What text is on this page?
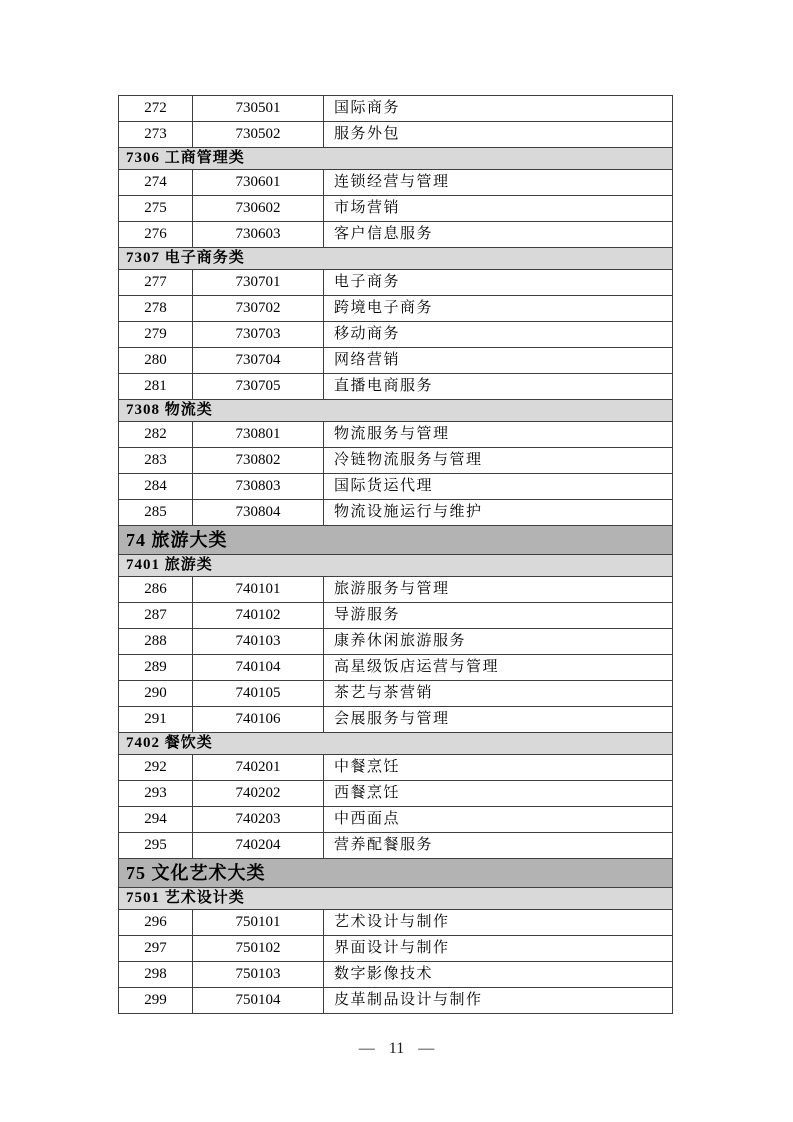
272	730501	国际商务
273	730502	服务外包
7306 工商管理类		
274	730601	连锁经营与管理
275	730602	市场营销
276	730603	客户信息服务
7307 电子商务类		
277	730701	电子商务
278	730702	跨境电子商务
279	730703	移动商务
280	730704	网络营销
281	730705	直播电商服务
7308 物流类		
282	730801	物流服务与管理
283	730802	冷链物流服务与管理
284	730803	国际货运代理
285	730804	物流设施运行与维护
74 旅游大类		
7401 旅游类		
286	740101	旅游服务与管理
287	740102	导游服务
288	740103	康养休闲旅游服务
289	740104	高星级饭店运营与管理
290	740105	茶艺与茶营销
291	740106	会展服务与管理
7402 餐饮类		
292	740201	中餐烹饪
293	740202	西餐烹饪
294	740203	中西面点
295	740204	营养配餐服务
75 文化艺术大类		
7501 艺术设计类		
296	750101	艺术设计与制作
297	750102	界面设计与制作
298	750103	数字影像技术
299	750104	皮革制品设计与制作
— 11 —
